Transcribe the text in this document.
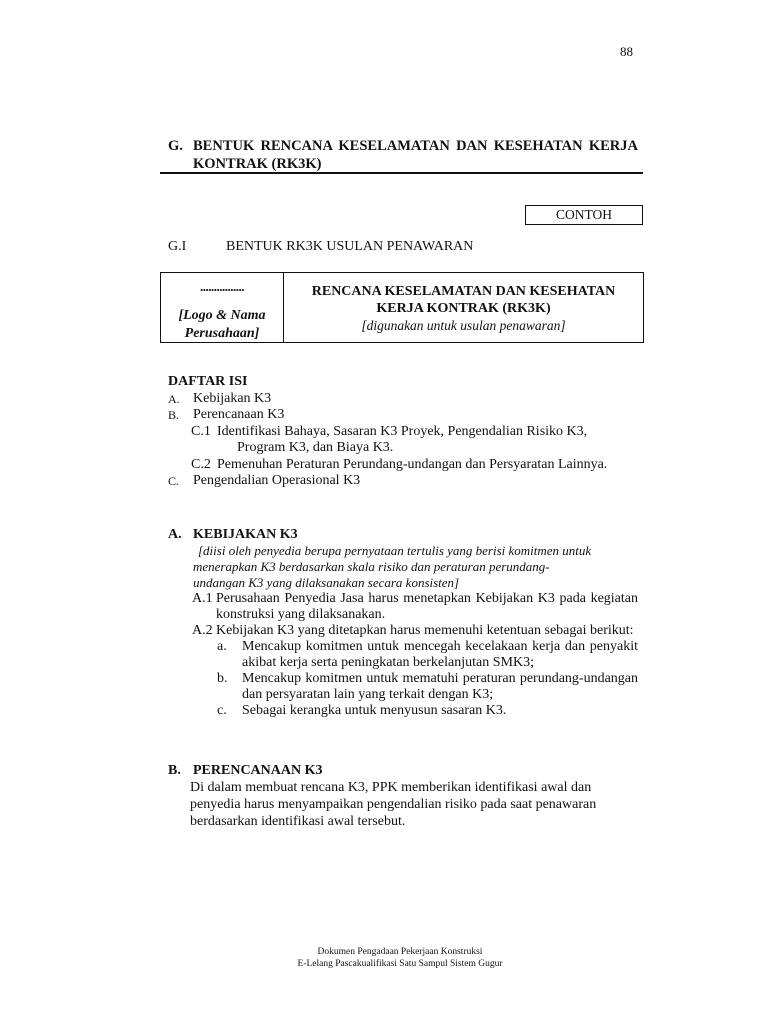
88
G. BENTUK RENCANA KESELAMATAN DAN KESEHATAN KERJA KONTRAK (RK3K)
CONTOH
G.I	BENTUK RK3K USULAN PENAWARAN
................
[Logo & Nama
Perusahaan]
RENCANA KESELAMATAN DAN KESEHATAN
KERJA KONTRAK (RK3K)
[digunakan untuk usulan penawaran]
DAFTAR ISI
A. Kebijakan K3
B. Perencanaan K3
C.1 Identifikasi Bahaya, Sasaran K3 Proyek, Pengendalian Risiko K3,
Program K3, dan Biaya K3.
C.2 Pemenuhan Peraturan Perundang-undangan dan Persyaratan Lainnya.
C. Pengendalian Operasional K3
A. KEBIJAKAN K3
[diisi oleh penyedia berupa pernyataan tertulis yang berisi komitmen untuk
menerapkan K3 berdasarkan skala risiko dan peraturan perundang-
undangan K3 yang dilaksanakan secara konsisten]
A.1 Perusahaan Penyedia Jasa harus menetapkan Kebijakan K3 pada kegiatan konstruksi yang dilaksanakan.
A.2 Kebijakan K3 yang ditetapkan harus memenuhi ketentuan sebagai berikut:
a. Mencakup komitmen untuk mencegah kecelakaan kerja dan penyakit akibat kerja serta peningkatan berkelanjutan SMK3;
b. Mencakup komitmen untuk mematuhi peraturan perundang-undangan dan persyaratan lain yang terkait dengan K3;
c. Sebagai kerangka untuk menyusun sasaran K3.
B. PERENCANAAN K3
Di dalam membuat rencana K3, PPK memberikan identifikasi awal dan
penyedia harus menyampaikan pengendalian risiko pada saat penawaran
berdasarkan identifikasi awal tersebut.
Dokumen Pengadaan Pekerjaan Konstruksi
E-Lelang Pascakualifikasi Satu Sampul Sistem Gugur
